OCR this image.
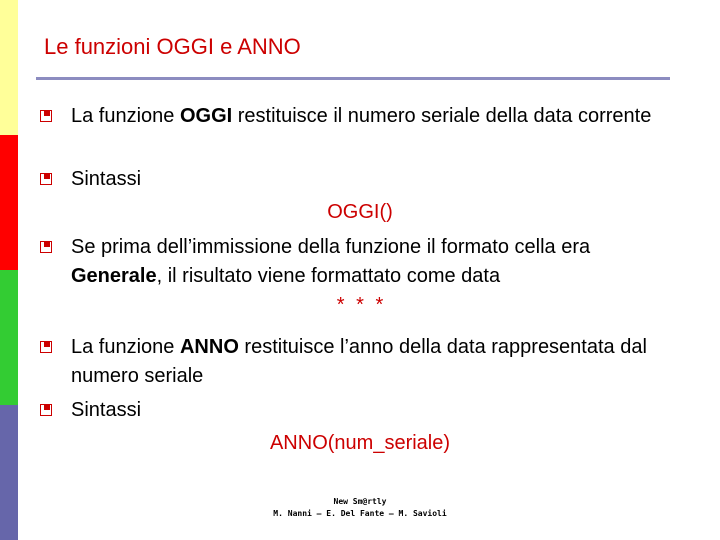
Le funzioni OGGI e ANNO
La funzione OGGI restituisce il numero seriale della data corrente
Sintassi
OGGI()
Se prima dell’immissione della funzione il formato cella era Generale, il risultato viene formattato come data
* * *
La funzione ANNO restituisce l’anno della data rappresentata dal numero seriale
Sintassi
ANNO(num_seriale)
New Sm@rtly
M. Nanni – E. Del Fante – M. Savioli
